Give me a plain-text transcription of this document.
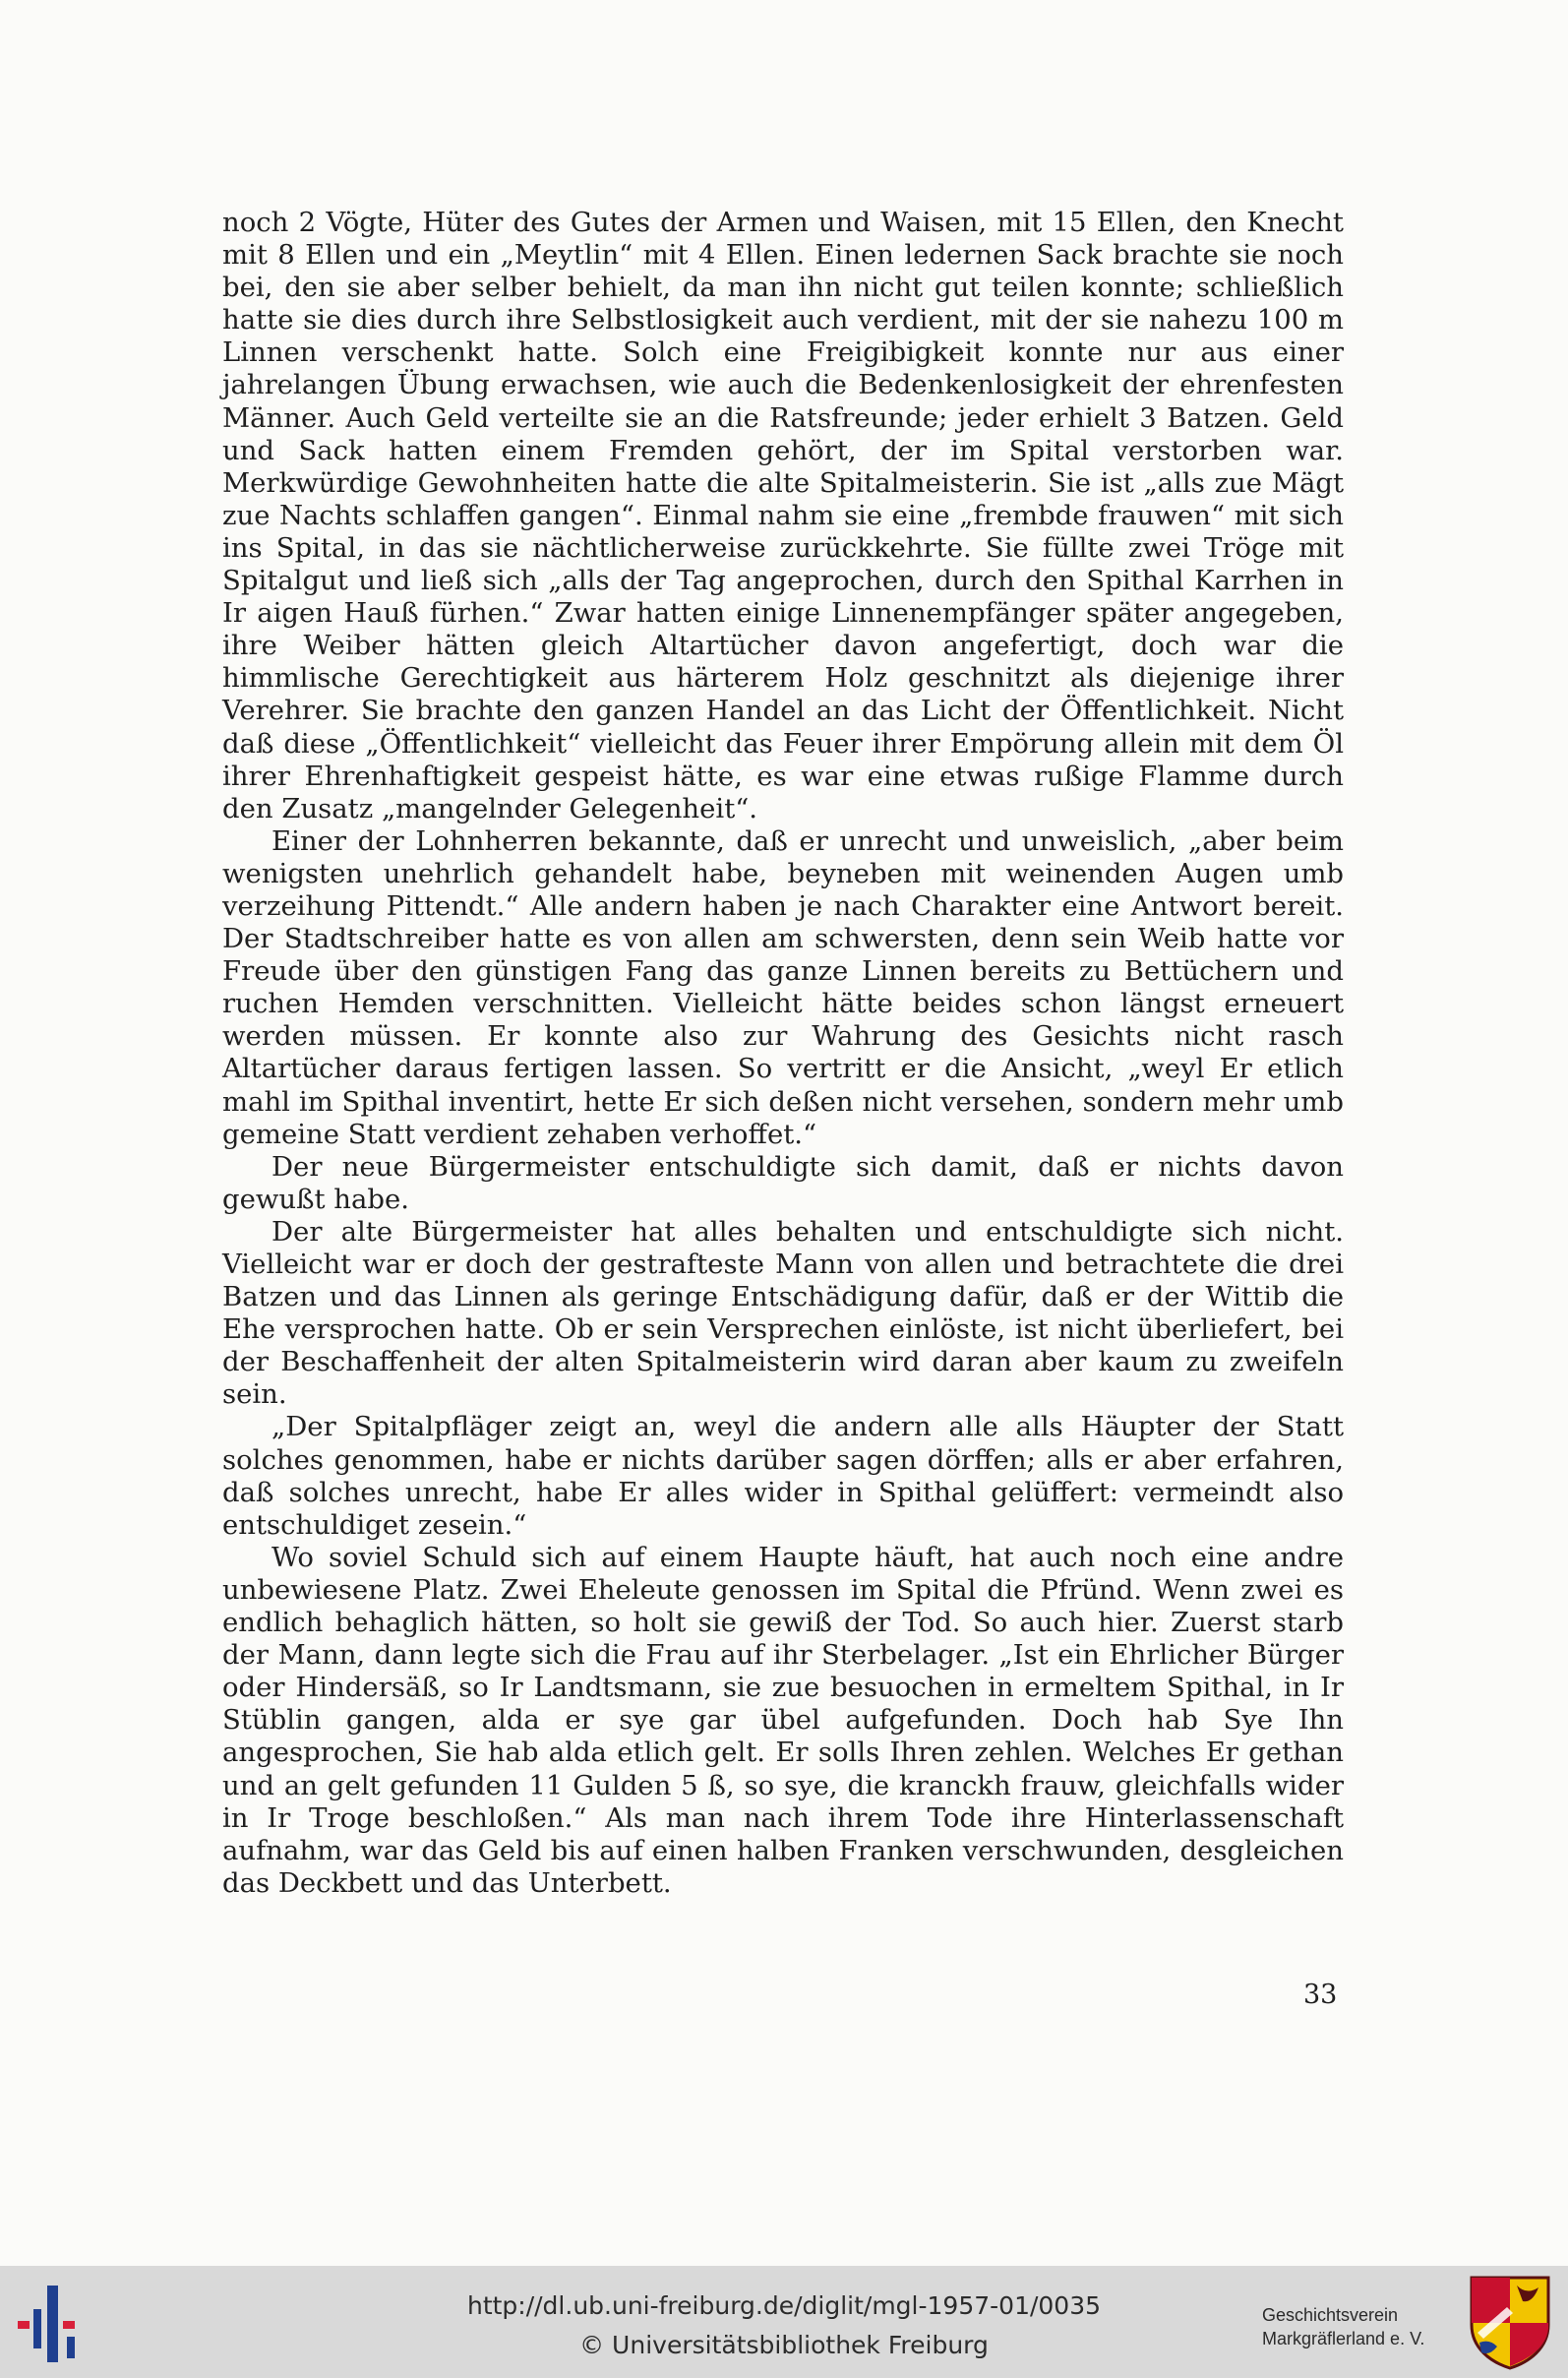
noch 2 Vögte, Hüter des Gutes der Armen und Waisen, mit 15 Ellen, den Knecht mit 8 Ellen und ein „Meytlin“ mit 4 Ellen. Einen ledernen Sack brachte sie noch bei, den sie aber selber behielt, da man ihn nicht gut teilen konnte; schließlich hatte sie dies durch ihre Selbstlosigkeit auch verdient, mit der sie nahezu 100 m Linnen verschenkt hatte. Solch eine Freigibigkeit konnte nur aus einer jahrelangen Übung erwachsen, wie auch die Bedenkenlosigkeit der ehrenfesten Männer. Auch Geld verteilte sie an die Ratsfreunde; jeder erhielt 3 Batzen. Geld und Sack hatten einem Fremden gehört, der im Spital verstorben war. Merkwürdige Gewohnheiten hatte die alte Spitalmeisterin. Sie ist „alls zue Mägt zue Nachts schlaffen gangen“. Einmal nahm sie eine „frembde frauwen“ mit sich ins Spital, in das sie nächtlicherweise zurückkehrte. Sie füllte zwei Tröge mit Spitalgut und ließ sich „alls der Tag angeprochen, durch den Spithal Karrhen in Ir aigen Hauß fürhen.“ Zwar hatten einige Linnenempfänger später angegeben, ihre Weiber hätten gleich Altartücher davon angefertigt, doch war die himmlische Gerechtigkeit aus härterem Holz geschnitzt als diejenige ihrer Verehrer. Sie brachte den ganzen Handel an das Licht der Öffentlichkeit. Nicht daß diese „Öffentlichkeit“ vielleicht das Feuer ihrer Empörung allein mit dem Öl ihrer Ehrenhaftigkeit gespeist hätte, es war eine etwas rußige Flamme durch den Zusatz „mangelnder Gelegenheit“.

Einer der Lohnherren bekannte, daß er unrecht und unweislich, „aber beim wenigsten unehrlich gehandelt habe, beyneben mit weinenden Augen umb verzeihung Pittendt.“ Alle andern haben je nach Charakter eine Antwort bereit. Der Stadtschreiber hatte es von allen am schwersten, denn sein Weib hatte vor Freude über den günstigen Fang das ganze Linnen bereits zu Bettüchern und ruchen Hemden verschnitten. Vielleicht hätte beides schon längst erneuert werden müssen. Er konnte also zur Wahrung des Gesichts nicht rasch Altartücher daraus fertigen lassen. So vertritt er die Ansicht, „weyl Er etlich mahl im Spithal inventirt, hette Er sich deßen nicht versehen, sondern mehr umb gemeine Statt verdient zehaben verhoffet.“

Der neue Bürgermeister entschuldigte sich damit, daß er nichts davon gewußt habe.

Der alte Bürgermeister hat alles behalten und entschuldigte sich nicht. Vielleicht war er doch der gestrafteste Mann von allen und betrachtete die drei Batzen und das Linnen als geringe Entschädigung dafür, daß er der Wittib die Ehe versprochen hatte. Ob er sein Versprechen einlöste, ist nicht überliefert, bei der Beschaffenheit der alten Spitalmeisterin wird daran aber kaum zu zweifeln sein.

„Der Spitalpfläger zeigt an, weyl die andern alle alls Häupter der Statt solches genommen, habe er nichts darüber sagen dörffen; alls er aber erfahren, daß solches unrecht, habe Er alles wider in Spithal gelüffert: vermeindt also entschuldiget zesein.“

Wo soviel Schuld sich auf einem Haupte häuft, hat auch noch eine andre unbewiesene Platz. Zwei Eheleute genossen im Spital die Pfründ. Wenn zwei es endlich behaglich hätten, so holt sie gewiß der Tod. So auch hier. Zuerst starb der Mann, dann legte sich die Frau auf ihr Sterbelager. „Ist ein Ehrlicher Bürger oder Hindersäß, so Ir Landtsmann, sie zue besuochen in ermeltem Spithal, in Ir Stüblin gangen, alda er sye gar übel aufgefunden. Doch hab Sye Ihn angesprochen, Sie hab alda etlich gelt. Er solls Ihren zehlen. Welches Er gethan und an gelt gefunden 11 Gulden 5 ß, so sye, die kranckh frauw, gleichfalls wider in Ir Troge beschloßen.“ Als man nach ihrem Tode ihre Hinterlassenschaft aufnahm, war das Geld bis auf einen halben Franken verschwunden, desgleichen das Deckbett und das Unterbett.

33
http://dl.ub.uni-freiburg.de/diglit/mgl-1957-01/0035
© Universitätsbibliothek Freiburg
Geschichtsverein
Markgräflerland e. V.
